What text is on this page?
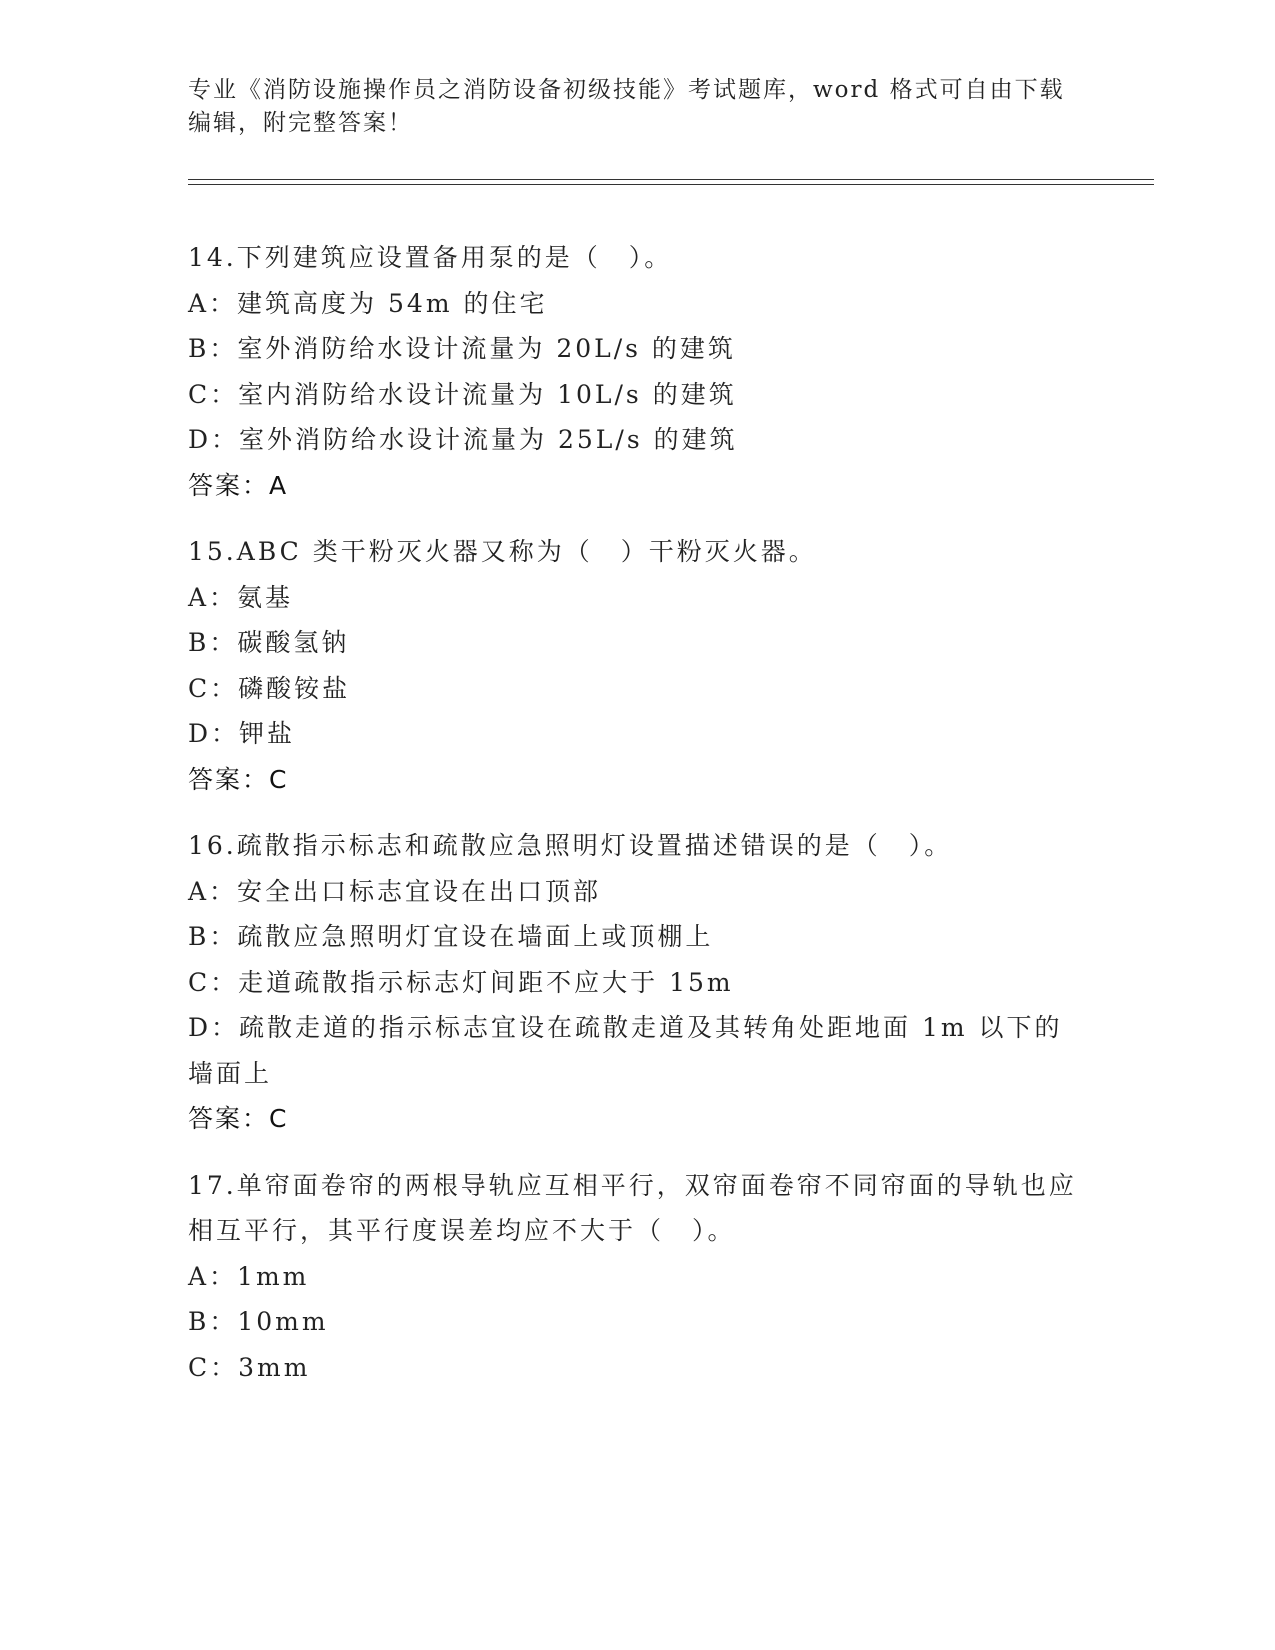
专业《消防设施操作员之消防设备初级技能》考试题库，word 格式可自由下载编辑，附完整答案！
14.下列建筑应设置备用泵的是（　）。
A：建筑高度为 54m 的住宅
B：室外消防给水设计流量为 20L/s 的建筑
C：室内消防给水设计流量为 10L/s 的建筑
D：室外消防给水设计流量为 25L/s 的建筑
答案：A
15.ABC 类干粉灭火器又称为（　）干粉灭火器。
A：氨基
B：碳酸氢钠
C：磷酸铵盐
D：钾盐
答案：C
16.疏散指示标志和疏散应急照明灯设置描述错误的是（　）。
A：安全出口标志宜设在出口顶部
B：疏散应急照明灯宜设在墙面上或顶棚上
C：走道疏散指示标志灯间距不应大于 15m
D：疏散走道的指示标志宜设在疏散走道及其转角处距地面 1m 以下的墙面上
答案：C
17.单帘面卷帘的两根导轨应互相平行，双帘面卷帘不同帘面的导轨也应相互平行，其平行度误差均应不大于（　）。
A：1mm
B：10mm
C：3mm
